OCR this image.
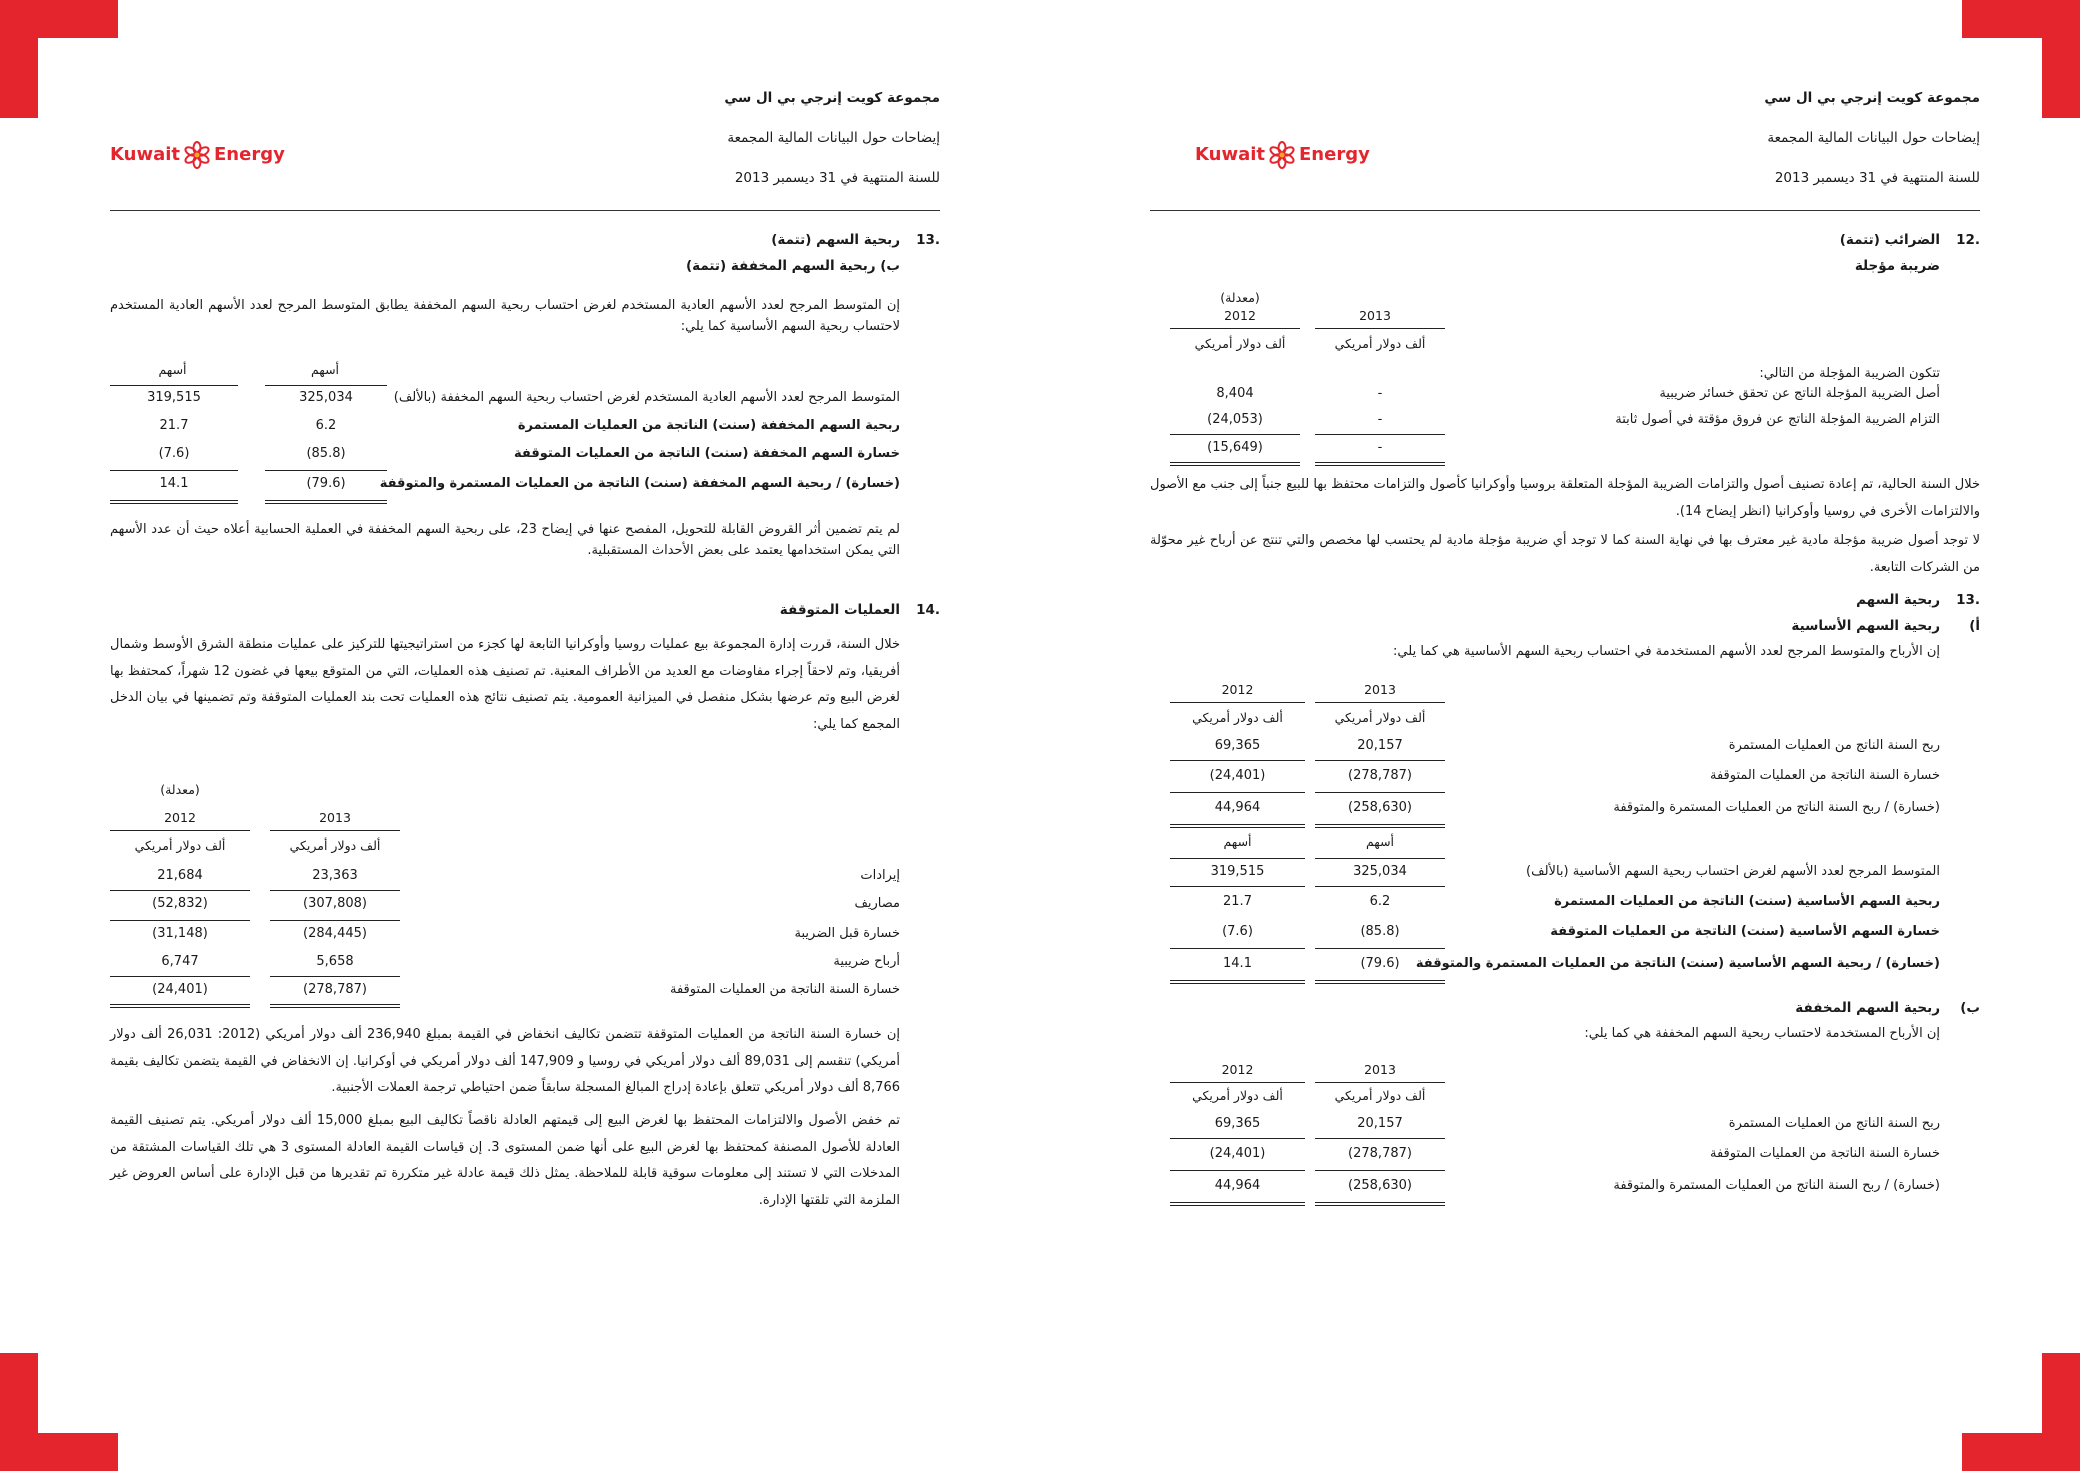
مجموعة كويت إنرجي بي ال سي
إيضاحات حول البيانات المالية المجمعة
للسنة المنتهية في 31 ديسمبر 2013
Kuwait Energy
.13
ربحية السهم (تتمة)
ب) ربحية السهم المخففة (تتمة)
إن المتوسط المرجح لعدد الأسهم العادية المستخدم لغرض احتساب ربحية السهم المخففة يطابق المتوسط المرجح لعدد الأسهم العادية المستخدم لاحتساب ربحية السهم الأساسية كما يلي:
أسهم
أسهم
المتوسط المرجح لعدد الأسهم العادية المستخدم لغرض احتساب ربحية السهم المخففة (بالألف)
325,034
319,515
ربحية السهم المخففة (سنت) الناتجة من العمليات المستمرة
6.2
21.7
خسارة السهم المخففة (سنت) الناتجة من العمليات المتوقفة
(85.8)
(7.6)
(خسارة) / ربحية السهم المخففة (سنت) الناتجة من العمليات المستمرة والمتوقفة
(79.6)
14.1
لم يتم تضمين أثر القروض القابلة للتحويل، المفصح عنها في إيضاح 23، على ربحية السهم المخففة في العملية الحسابية أعلاه حيث أن عدد الأسهم التي يمكن استخدامها يعتمد على بعض الأحداث المستقبلية.
.14
العمليات المتوقفة
خلال السنة، قررت إدارة المجموعة بيع عمليات روسيا وأوكرانيا التابعة لها كجزء من استراتيجيتها للتركيز على عمليات منطقة الشرق الأوسط وشمال أفريقيا، وتم لاحقاً إجراء مفاوضات مع العديد من الأطراف المعنية. تم تصنيف هذه العمليات، التي من المتوقع بيعها في غضون 12 شهراً، كمحتفظ بها لغرض البيع وتم عرضها بشكل منفصل في الميزانية العمومية. يتم تصنيف نتائج هذه العمليات تحت بند العمليات المتوقفة وتم تضمينها في بيان الدخل المجمع كما يلي:
(معدلة)
2013
2012
ألف دولار أمريكي
ألف دولار أمريكي
إيرادات
23,363
21,684
مصاريف
(307,808)
(52,832)
خسارة قبل الضريبة
(284,445)
(31,148)
أرباح ضريبية
5,658
6,747
خسارة السنة الناتجة من العمليات المتوقفة
(278,787)
(24,401)
إن خسارة السنة الناتجة من العمليات المتوقفة تتضمن تكاليف انخفاض في القيمة بمبلغ 236,940 ألف دولار أمريكي (2012: 26,031 ألف دولار أمريكي) تنقسم إلى 89,031 ألف دولار أمريكي في روسيا و 147,909 ألف دولار أمريكي في أوكرانيا. إن الانخفاض في القيمة يتضمن تكاليف بقيمة 8,766 ألف دولار أمريكي تتعلق بإعادة إدراج المبالغ المسجلة سابقاً ضمن احتياطي ترجمة العملات الأجنبية.
تم خفض الأصول والالتزامات المحتفظ بها لغرض البيع إلى قيمتهم العادلة ناقصاً تكاليف البيع بمبلغ 15,000 ألف دولار أمريكي. يتم تصنيف القيمة العادلة للأصول المصنفة كمحتفظ بها لغرض البيع على أنها ضمن المستوى 3. إن قياسات القيمة العادلة المستوى 3 هي تلك القياسات المشتقة من المدخلات التي لا تستند إلى معلومات سوقية قابلة للملاحظة. يمثل ذلك قيمة عادلة غير متكررة تم تقديرها من قبل الإدارة على أساس العروض غير الملزمة التي تلقتها الإدارة.
مجموعة كويت إنرجي بي ال سي
إيضاحات حول البيانات المالية المجمعة
للسنة المنتهية في 31 ديسمبر 2013
Kuwait Energy
.12
الضرائب (تتمة)
ضريبة مؤجلة
(معدلة)
2013
2012
ألف دولار أمريكي
ألف دولار أمريكي
تتكون الضريبة المؤجلة من التالي:
أصل الضريبة المؤجلة الناتج عن تحقق خسائر ضريبية
-
8,404
التزام الضريبة المؤجلة الناتج عن فروق مؤقتة في أصول ثابتة
-
(24,053)
-
(15,649)
خلال السنة الحالية، تم إعادة تصنيف أصول والتزامات الضريبة المؤجلة المتعلقة بروسيا وأوكرانيا كأصول والتزامات محتفظ بها للبيع جنباً إلى جنب مع الأصول والالتزامات الأخرى في روسيا وأوكرانيا (انظر إيضاح 14).
لا توجد أصول ضريبة مؤجلة مادية غير معترف بها في نهاية السنة كما لا توجد أي ضريبة مؤجلة مادية لم يحتسب لها مخصص والتي تنتج عن أرباح غير محوّلة من الشركات التابعة.
.13
ربحية السهم
أ)
ربحية السهم الأساسية
إن الأرباح والمتوسط المرجح لعدد الأسهم المستخدمة في احتساب ربحية السهم الأساسية هي كما يلي:
2013
2012
ألف دولار أمريكي
ألف دولار أمريكي
ربح السنة الناتج من العمليات المستمرة
20,157
69,365
خسارة السنة الناتجة من العمليات المتوقفة
(278,787)
(24,401)
(خسارة) / ربح السنة الناتج من العمليات المستمرة والمتوقفة
(258,630)
44,964
أسهم
أسهم
المتوسط المرجح لعدد الأسهم لغرض احتساب ربحية السهم الأساسية (بالألف)
325,034
319,515
ربحية السهم الأساسية (سنت) الناتجة من العمليات المستمرة
6.2
21.7
خسارة السهم الأساسية (سنت) الناتجة من العمليات المتوقفة
(85.8)
(7.6)
(خسارة) / ربحية السهم الأساسية (سنت) الناتجة من العمليات المستمرة والمتوقفة
(79.6)
14.1
ب)
ربحية السهم المخففة
إن الأرباح المستخدمة لاحتساب ربحية السهم المخففة هي كما يلي:
2013
2012
ألف دولار أمريكي
ألف دولار أمريكي
ربح السنة الناتج من العمليات المستمرة
20,157
69,365
خسارة السنة الناتجة من العمليات المتوقفة
(278,787)
(24,401)
(خسارة) / ربح السنة الناتج من العمليات المستمرة والمتوقفة
(258,630)
44,964
